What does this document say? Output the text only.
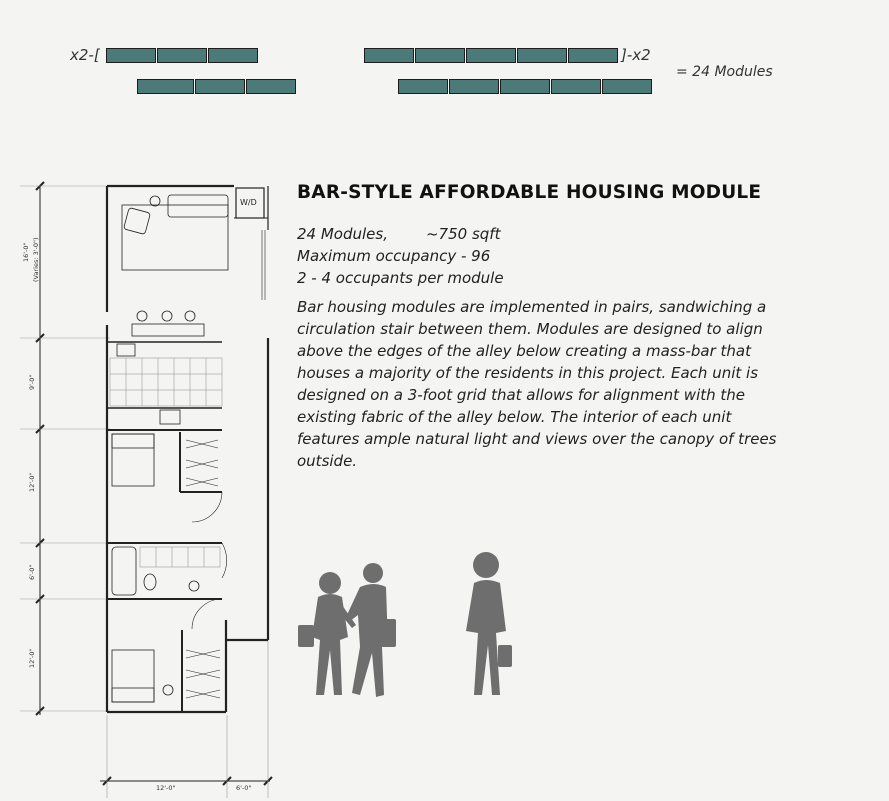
x2-[	]-x2
= 24 Modules
BAR-STYLE AFFORDABLE HOUSING MODULE
24 Modules,	~750 sqft
Maximum occupancy - 96
2 - 4 occupants per module
Bar housing modules are implemented in pairs, sandwiching a circulation stair between them. Modules are designed to align above the edges of the alley below creating a mass-bar that houses a majority of the residents in this project. Each unit is designed on a 3-foot grid that allows for alignment with the existing fabric of the alley below. The interior of each unit features ample natural light and views over the canopy of trees outside.
W/D
16'-0" (Varies: 3'-0")
9'-0"
12'-0"
6'-0"
12'-0"
12'-0"	6'-0"
